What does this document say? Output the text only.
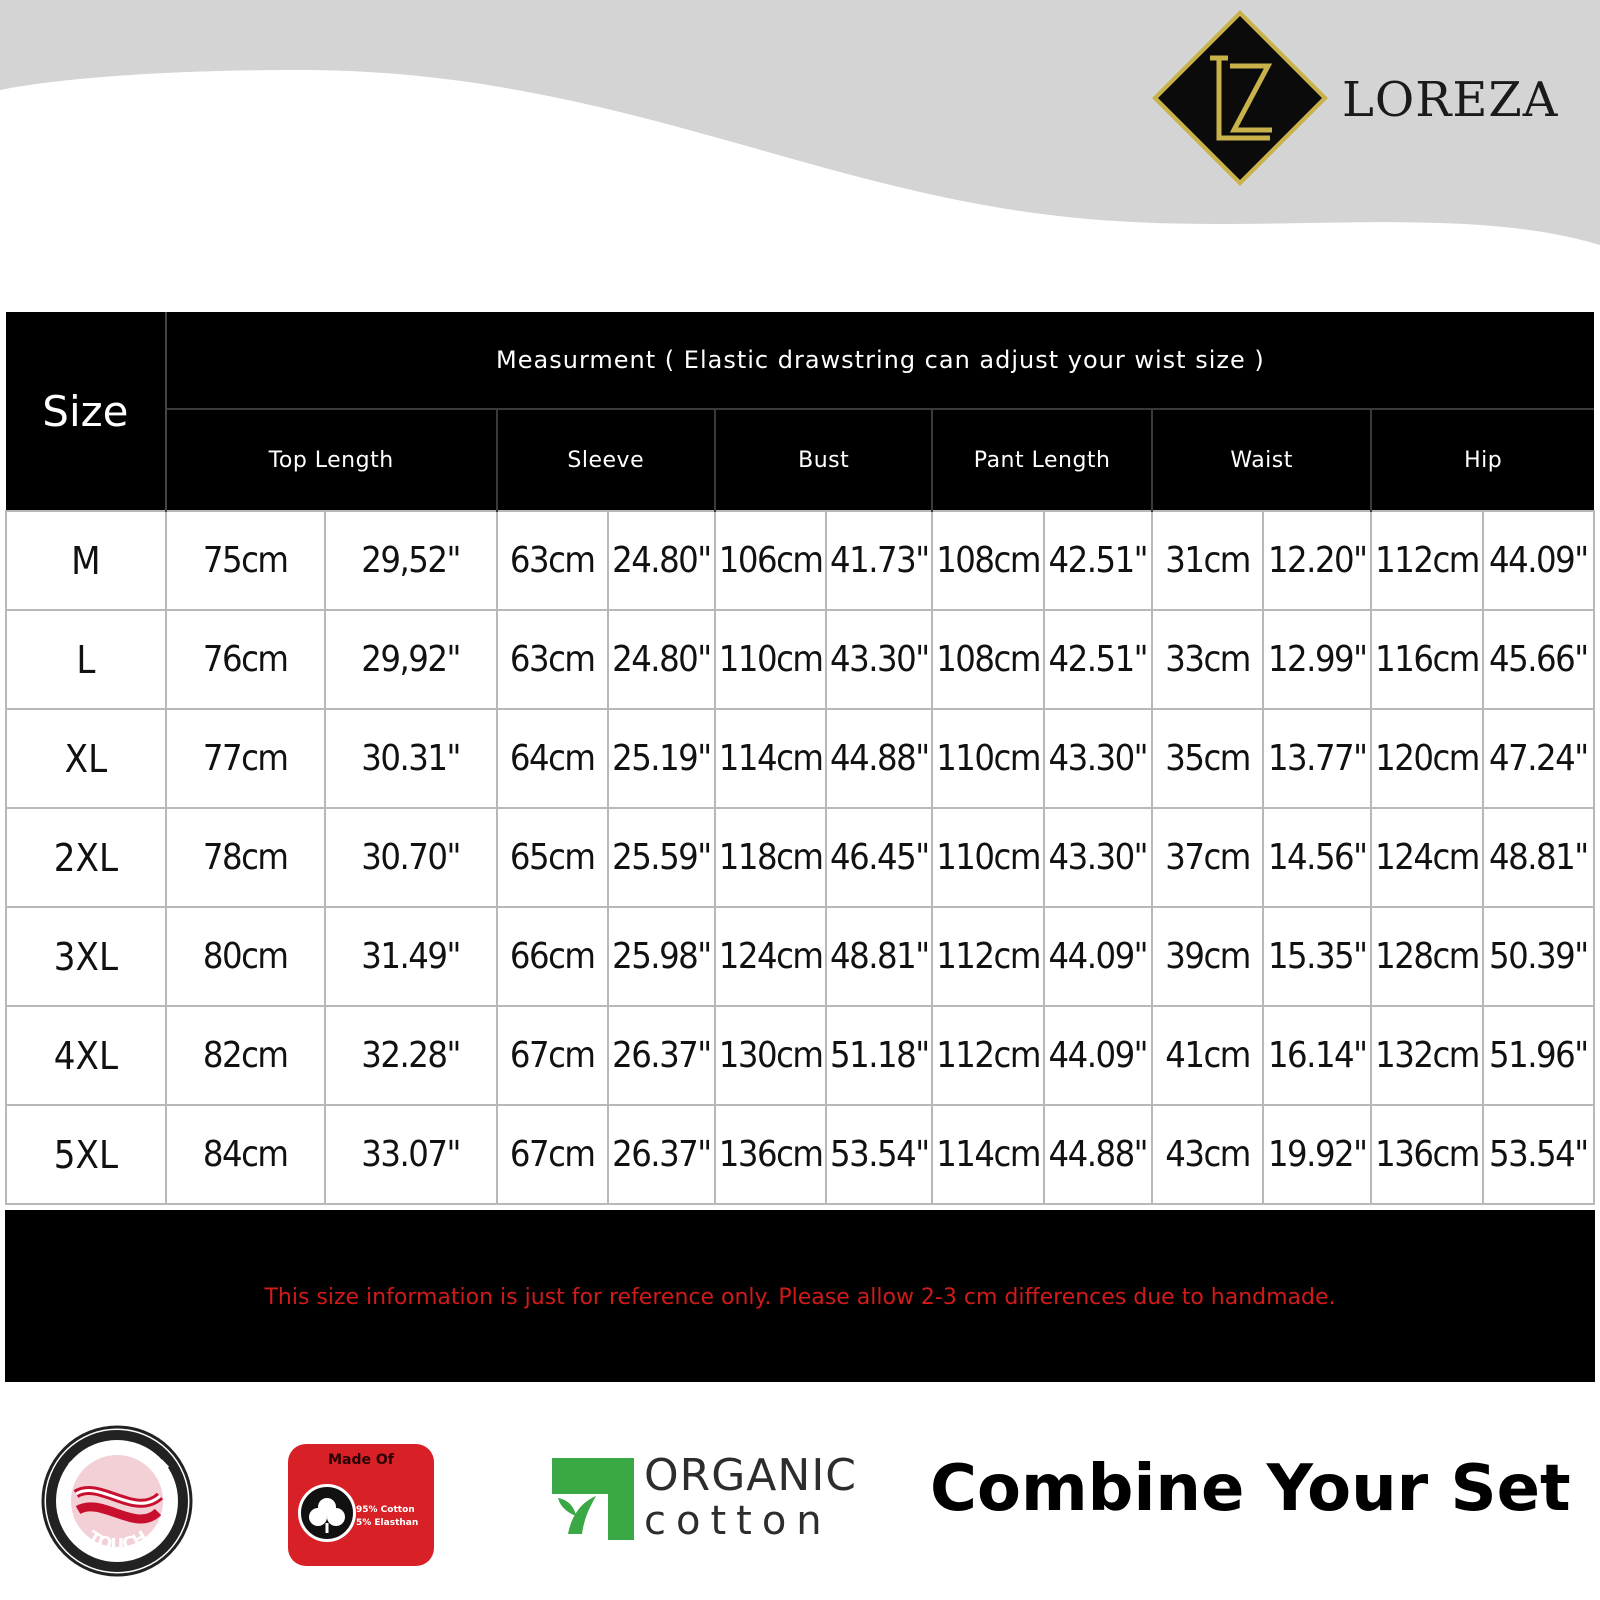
LOREZA
Size	Measurment ( Elastic drawstring can adjust your wist size )											
	Top Length		Sleeve		Bust		Pant Length		Waist		Hip	
M	75cm	29,52"	63cm	24.80"	106cm	41.73"	108cm	42.51"	31cm	12.20"	112cm	44.09"
L	76cm	29,92"	63cm	24.80"	110cm	43.30"	108cm	42.51"	33cm	12.99"	116cm	45.66"
XL	77cm	30.31"	64cm	25.19"	114cm	44.88"	110cm	43.30"	35cm	13.77"	120cm	47.24"
2XL	78cm	30.70"	65cm	25.59"	118cm	46.45"	110cm	43.30"	37cm	14.56"	124cm	48.81"
3XL	80cm	31.49"	66cm	25.98"	124cm	48.81"	112cm	44.09"	39cm	15.35"	128cm	50.39"
4XL	82cm	32.28"	67cm	26.37"	130cm	51.18"	112cm	44.09"	41cm	16.14"	132cm	51.96"
5XL	84cm	33.07"	67cm	26.37"	136cm	53.54"	114cm	44.88"	43cm	19.92"	136cm	53.54"
This size information is just for reference only. Please allow 2-3 cm differences due to handmade.
SUPERSOFT
TOUCH
Made Of
95% Cotton
5% Elasthan
ORGANIC
cotton Combine Your Set
